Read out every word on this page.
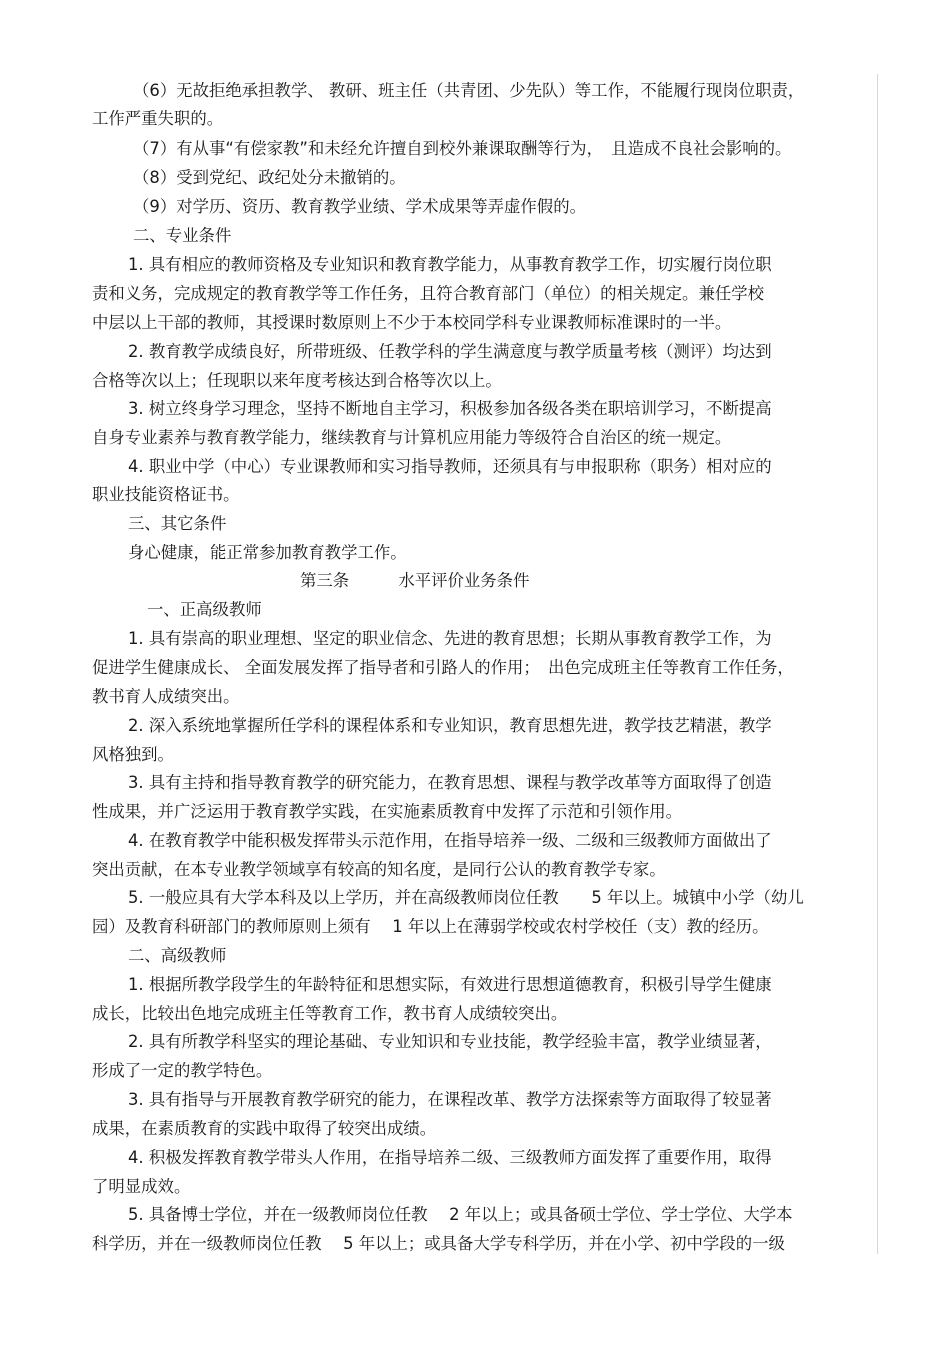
（6）无故拒绝承担教学、 教研、班主任（共青团、少先队）等工作，不能履行现岗位职责，
工作严重失职的。
（7）有从事“有偿家教”和未经允许擅自到校外兼课取酬等行为，　且造成不良社会影响的。
（8）受到党纪、政纪处分未撤销的。
（9）对学历、资历、教育教学业绩、学术成果等弄虚作假的。
二、专业条件
1. 具有相应的教师资格及专业知识和教育教学能力，从事教育教学工作，切实履行岗位职
责和义务，完成规定的教育教学等工作任务，且符合教育部门（单位）的相关规定。兼任学校
中层以上干部的教师，其授课时数原则上不少于本校同学科专业课教师标准课时的一半。
2. 教育教学成绩良好，所带班级、任教学科的学生满意度与教学质量考核（测评）均达到
合格等次以上；任现职以来年度考核达到合格等次以上。
3. 树立终身学习理念，坚持不断地自主学习，积极参加各级各类在职培训学习，不断提高
自身专业素养与教育教学能力，继续教育与计算机应用能力等级符合自治区的统一规定。
4. 职业中学（中心）专业课教师和实习指导教师，还须具有与申报职称（职务）相对应的
职业技能资格证书。
三、其它条件
身心健康，能正常参加教育教学工作。
第三条　　　水平评价业务条件
一、正高级教师
1. 具有崇高的职业理想、坚定的职业信念、先进的教育思想；长期从事教育教学工作，为
促进学生健康成长、 全面发展发挥了指导者和引路人的作用；　出色完成班主任等教育工作任务，
教书育人成绩突出。
2. 深入系统地掌握所任学科的课程体系和专业知识，教育思想先进，教学技艺精湛，教学
风格独到。
3. 具有主持和指导教育教学的研究能力，在教育思想、课程与教学改革等方面取得了创造
性成果，并广泛运用于教育教学实践，在实施素质教育中发挥了示范和引领作用。
4. 在教育教学中能积极发挥带头示范作用，在指导培养一级、二级和三级教师方面做出了
突出贡献，在本专业教学领域享有较高的知名度，是同行公认的教育教学专家。
5. 一般应具有大学本科及以上学历，并在高级教师岗位任教　　5 年以上。城镇中小学（幼儿
园）及教育科研部门的教师原则上须有　 1 年以上在薄弱学校或农村学校任（支）教的经历。
二、高级教师
1. 根据所教学段学生的年龄特征和思想实际，有效进行思想道德教育，积极引导学生健康
成长，比较出色地完成班主任等教育工作，教书育人成绩较突出。
2. 具有所教学科坚实的理论基础、专业知识和专业技能，教学经验丰富，教学业绩显著，
形成了一定的教学特色。
3. 具有指导与开展教育教学研究的能力，在课程改革、教学方法探索等方面取得了较显著
成果，在素质教育的实践中取得了较突出成绩。
4. 积极发挥教育教学带头人作用，在指导培养二级、三级教师方面发挥了重要作用，取得
了明显成效。
5. 具备博士学位，并在一级教师岗位任教　 2 年以上；或具备硕士学位、学士学位、大学本
科学历，并在一级教师岗位任教　 5 年以上；或具备大学专科学历，并在小学、初中学段的一级
